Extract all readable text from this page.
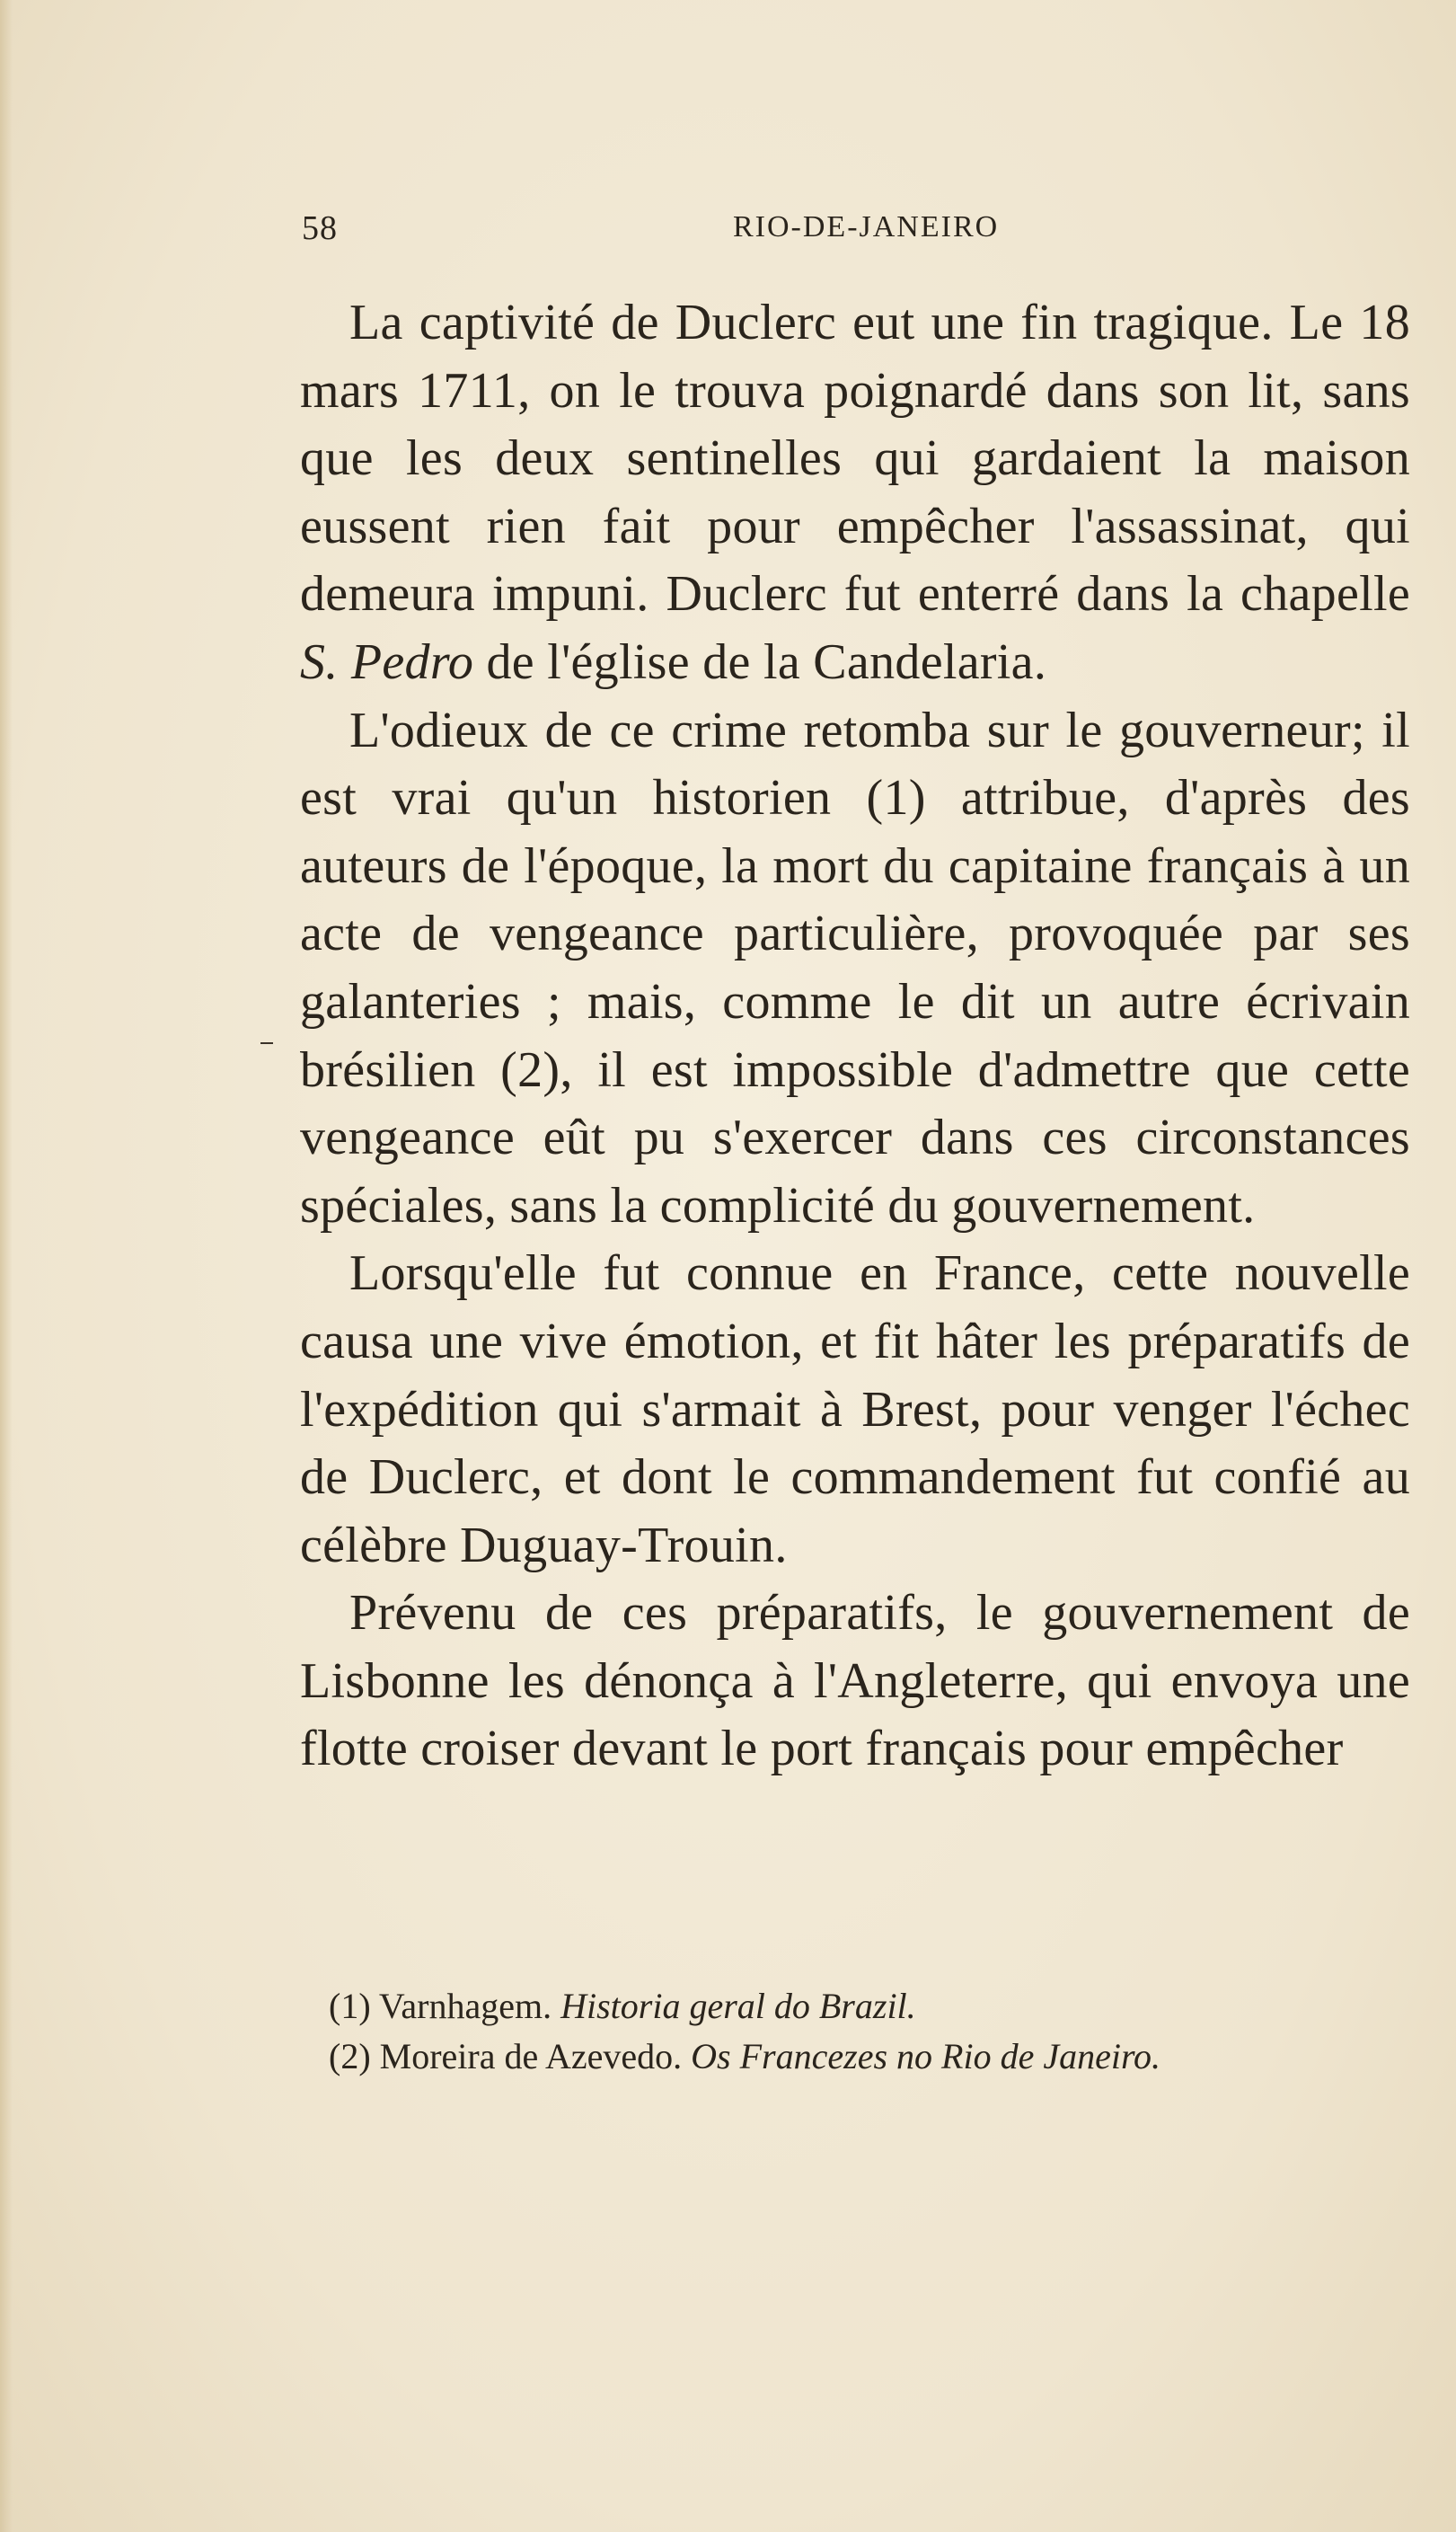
58	RIO-DE-JANEIRO

La captivité de Duclerc eut une fin tragique. Le 18 mars 1711, on le trouva poignardé dans son lit, sans que les deux sentinelles qui gardaient la maison eussent rien fait pour empêcher l'assassinat, qui demeura impuni. Duclerc fut enterré dans la chapelle S. Pedro de l'église de la Candelaria.

L'odieux de ce crime retomba sur le gouverneur; il est vrai qu'un historien (1) attribue, d'après des auteurs de l'époque, la mort du capitaine français à un acte de vengeance particulière, provoquée par ses galanteries ; mais, comme le dit un autre écrivain brésilien (2), il est impossible d'admettre que cette vengeance eût pu s'exercer dans ces circonstances spéciales, sans la complicité du gouvernement.

Lorsqu'elle fut connue en France, cette nouvelle causa une vive émotion, et fit hâter les préparatifs de l'expédition qui s'armait à Brest, pour venger l'échec de Duclerc, et dont le commandement fut confié au célèbre Duguay-Trouin.

Prévenu de ces préparatifs, le gouvernement de Lisbonne les dénonça à l'Angleterre, qui envoya une flotte croiser devant le port français pour empêcher

(1) Varnhagem. Historia geral do Brazil.

(2) Moreira de Azevedo. Os Francezes no Rio de Janeiro.
